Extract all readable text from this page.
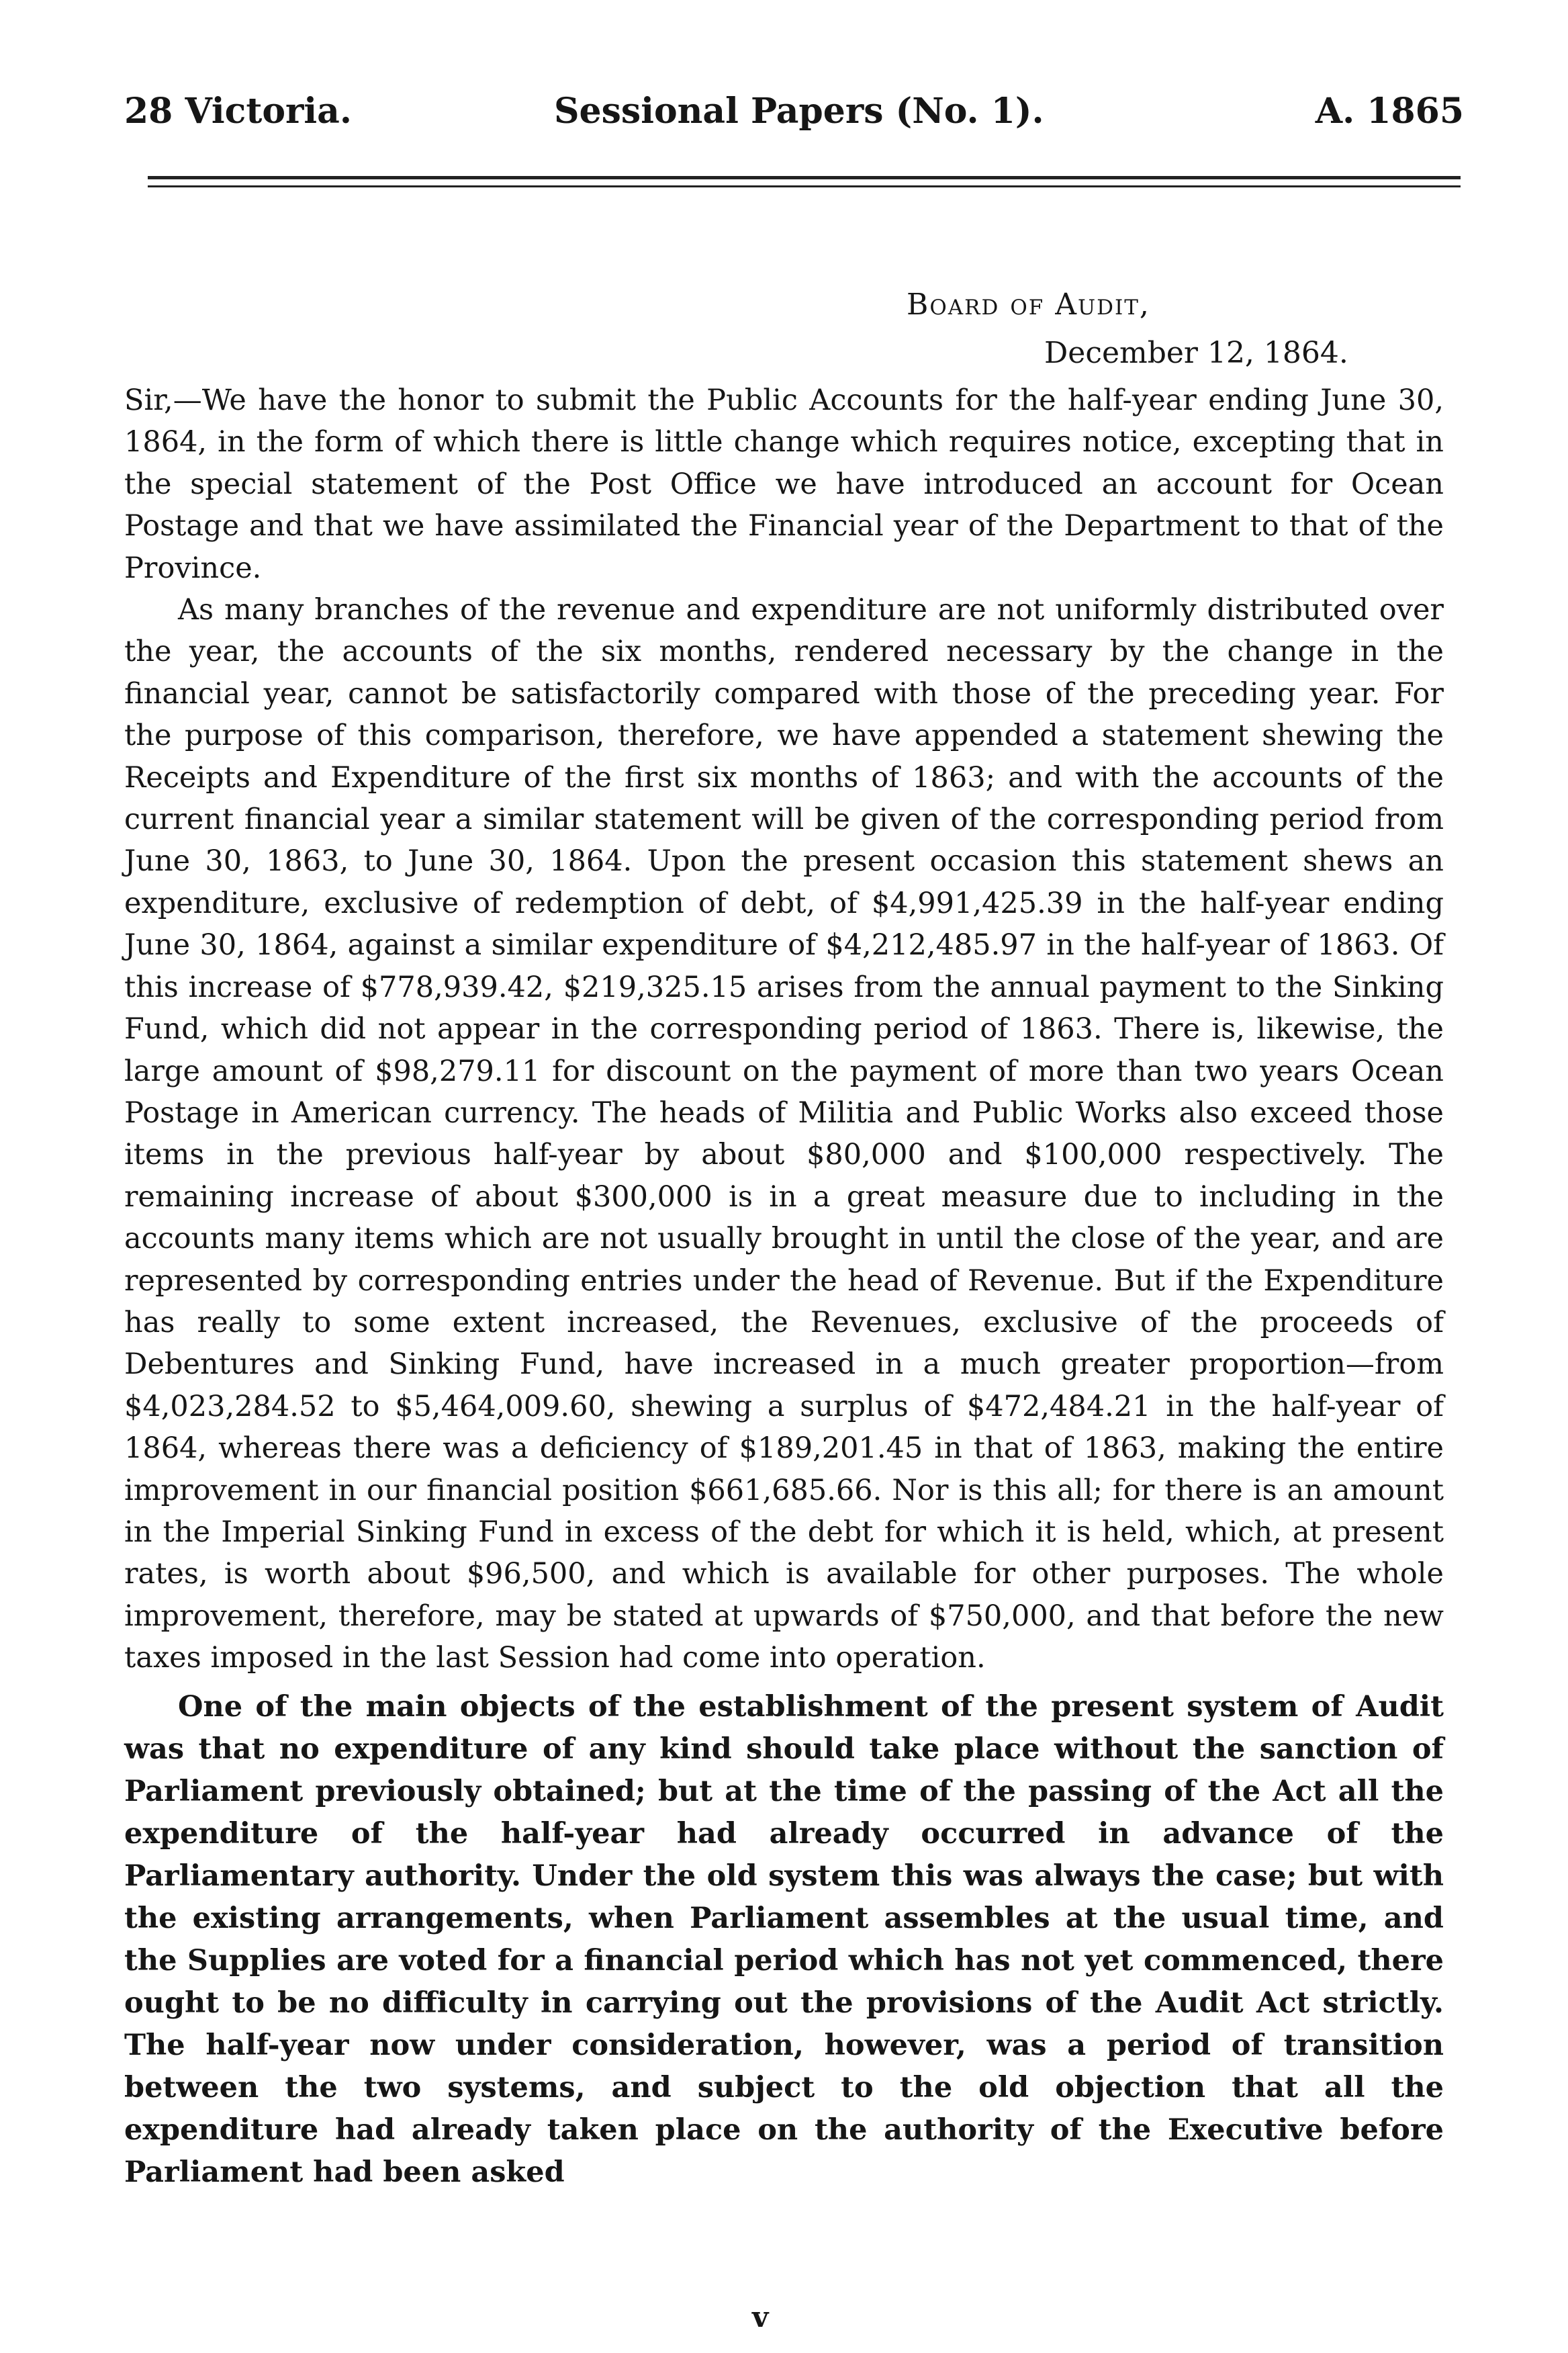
28 Victoria.	Sessional Papers (No. 1).	A. 1865
Board of Audit,
December 12, 1864.

Sir,—We have the honor to submit the Public Accounts for the half-year ending June 30, 1864, in the form of which there is little change which requires notice, excepting that in the special statement of the Post Office we have introduced an account for Ocean Postage and that we have assimilated the Financial year of the Department to that of the Province.

As many branches of the revenue and expenditure are not uniformly distributed over the year, the accounts of the six months, rendered necessary by the change in the financial year, cannot be satisfactorily compared with those of the preceding year. For the purpose of this comparison, therefore, we have appended a statement shewing the Receipts and Expenditure of the first six months of 1863; and with the accounts of the current financial year a similar statement will be given of the corresponding period from June 30, 1863, to June 30, 1864. Upon the present occasion this statement shews an expenditure, exclusive of redemption of debt, of $4,991,425.39 in the half-year ending June 30, 1864, against a similar expenditure of $4,212,485.97 in the half-year of 1863. Of this increase of $778,939.42, $219,325.15 arises from the annual payment to the Sinking Fund, which did not appear in the corresponding period of 1863. There is, likewise, the large amount of $98,279.11 for discount on the payment of more than two years Ocean Postage in American currency. The heads of Militia and Public Works also exceed those items in the previous half-year by about $80,000 and $100,000 respectively. The remaining increase of about $300,000 is in a great measure due to including in the accounts many items which are not usually brought in until the close of the year, and are represented by corresponding entries under the head of Revenue. But if the Expenditure has really to some extent increased, the Revenues, exclusive of the proceeds of Debentures and Sinking Fund, have increased in a much greater proportion—from $4,023,284.52 to $5,464,009.60, shewing a surplus of $472,484.21 in the half-year of 1864, whereas there was a deficiency of $189,201.45 in that of 1863, making the entire improvement in our financial position $661,685.66. Nor is this all; for there is an amount in the Imperial Sinking Fund in excess of the debt for which it is held, which, at present rates, is worth about $96,500, and which is available for other purposes. The whole improvement, therefore, may be stated at upwards of $750,000, and that before the new taxes imposed in the last Session had come into operation.

One of the main objects of the establishment of the present system of Audit was that no expenditure of any kind should take place without the sanction of Parliament previously obtained; but at the time of the passing of the Act all the expenditure of the half-year had already occurred in advance of the Parliamentary authority. Under the old system this was always the case; but with the existing arrangements, when Parliament assembles at the usual time, and the Supplies are voted for a financial period which has not yet commenced, there ought to be no difficulty in carrying out the provisions of the Audit Act strictly. The half-year now under consideration, however, was a period of transition between the two systems, and subject to the old objection that all the expenditure had already taken place on the authority of the Executive before Parliament had been asked

v
